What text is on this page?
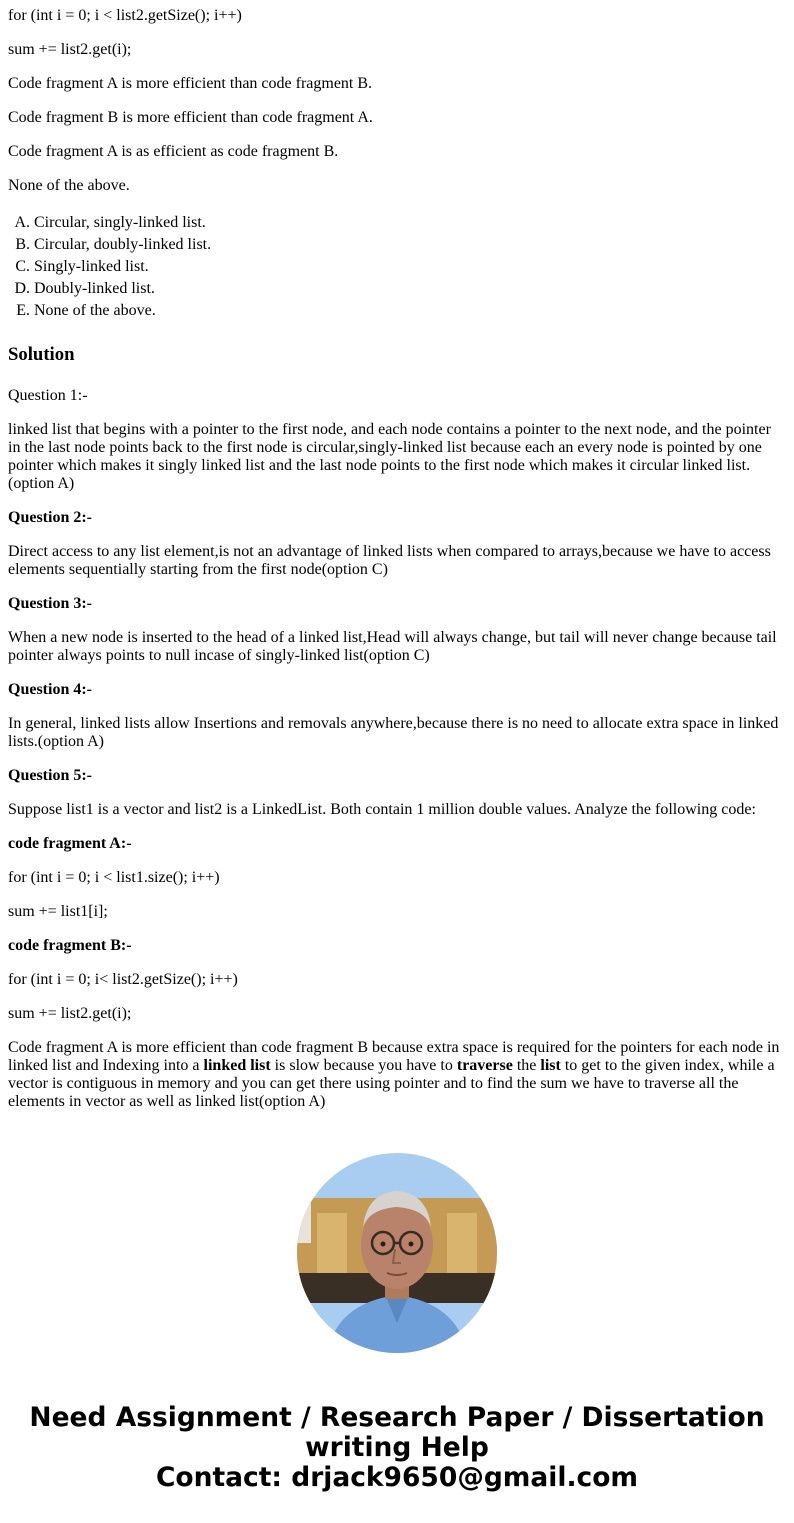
for (int i = 0; i < list2.getSize(); i++)

sum += list2.get(i);

Code fragment A is more efficient than code fragment B.

Code fragment B is more efficient than code fragment A.

Code fragment A is as efficient as code fragment B.

None of the above.

A. Circular, singly-linked list.
B. Circular, doubly-linked list.
C. Singly-linked list.
D. Doubly-linked list.
E. None of the above.
Solution

Question 1:-

linked list that begins with a pointer to the first node, and each node contains a pointer to the next node, and the pointer in the last node points back to the first node is circular,singly-linked list because each an every node is pointed by one pointer which makes it singly linked list and the last node points to the first node which makes it circular linked list.(option A)

Question 2:-

Direct access to any list element,is not an advantage of linked lists when compared to arrays,because we have to access elements sequentially starting from the first node(option C)

Question 3:-

When a new node is inserted to the head of a linked list,Head will always change, but tail will never change because tail pointer always points to null incase of singly-linked list(option C)

Question 4:-

In general, linked lists allow Insertions and removals anywhere,because there is no need to allocate extra space in linked lists.(option A)

Question 5:-

Suppose list1 is a vector and list2 is a LinkedList. Both contain 1 million double values. Analyze the following code:

code fragment A:-

for (int i = 0; i < list1.size(); i++)

sum += list1[i];

code fragment B:-

for (int i = 0; i< list2.getSize(); i++)

sum += list2.get(i);

Code fragment A is more efficient than code fragment B because extra space is required for the pointers for each node in linked list and Indexing into a linked list is slow because you have to traverse the list to get to the given index, while a vector is contiguous in memory and you can get there using pointer and to find the sum we have to traverse all the elements in vector as well as linked list(option A)

Need Assignment / Research Paper / Dissertation writing Help
Contact: drjack9650@gmail.com
